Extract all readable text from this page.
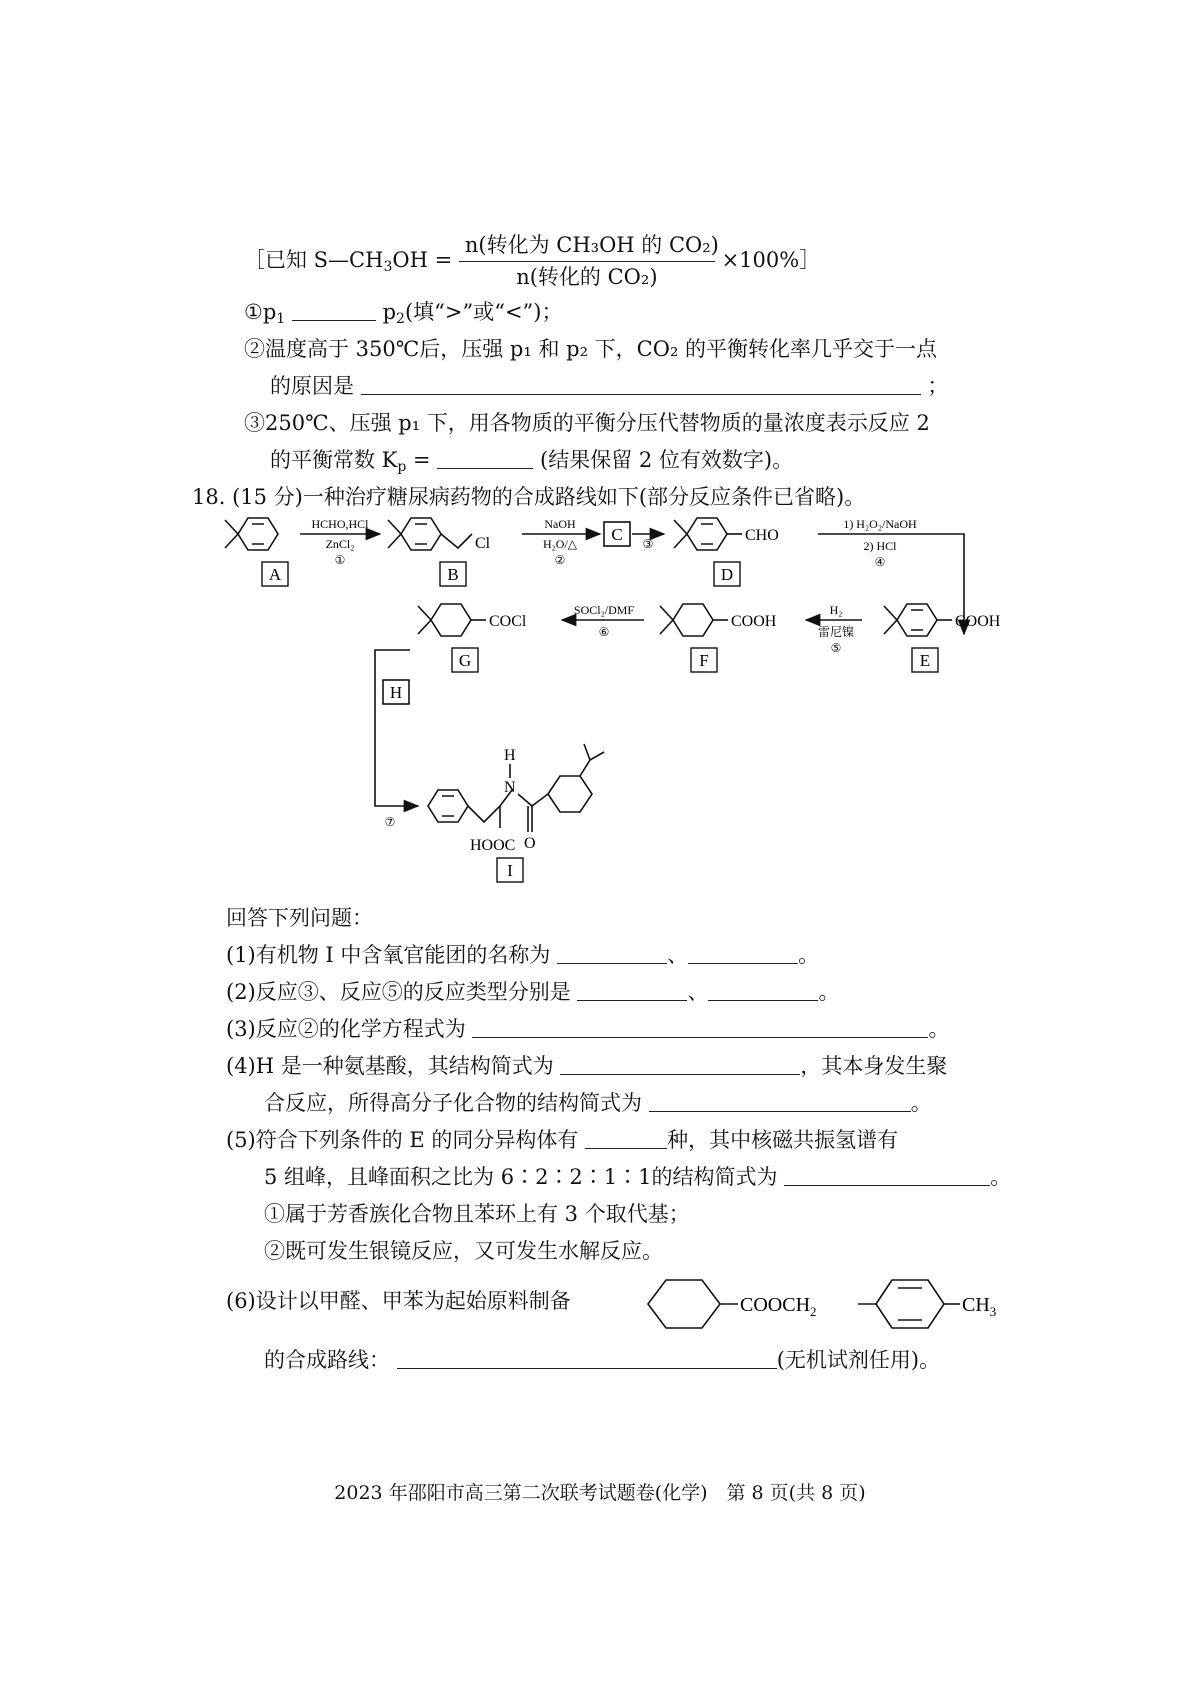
［已知 $S—CH_3OH = \frac{\text{n(转化为 CH₃OH 的 CO₂)}}{\text{n(转化的 CO₂)}}$ ×100%］
$①p_1$	$p_2$(填“>”或“<”)；
②温度高于 350℃后，压强 p₁ 和 p₂ 下，CO₂ 的平衡转化率几乎交于一点
的原因是	；
③250℃、压强 p₁ 下，用各物质的平衡分压代替物质的量浓度表示反应 2
的平衡常数 $K_p$ =	(结果保留 2 位有效数字)。
18. (15 分)一种治疗糖尿病药物的合成路线如下(部分反应条件已省略)。
Cl	CHO
COOH
COOH
COCl
HOOC
H
N
O
HCHO,HCl
ZnCl₂
①
NaOH
H₂O/△
②
C ③
1) H₂O₂/NaOH
2) HCl
④
H₂
雷尼镍
⑤
SOCl₂/DMF
⑥
⑦
A	B	D
E
F
G
H
I
回答下列问题：
(1)有机物 I 中含氧官能团的名称为	、	。
(2)反应③、反应⑤的反应类型分别是	、	。
(3)反应②的化学方程式为	。
(4)H 是一种氨基酸，其结构简式为	，其本身发生聚
合反应，所得高分子化合物的结构简式为	。
(5)符合下列条件的 E 的同分异构体有	种，其中核磁共振氢谱有
5 组峰，且峰面积之比为 6∶2∶2∶1∶1的结构简式为	。
①属于芳香族化合物且苯环上有 3 个取代基；
②既可发生银镜反应，又可发生水解反应。
(6)设计以甲醛、甲苯为起始原料制备	$COOCH_2$	$CH_3$
的合成路线：	(无机试剂任用)。
2023 年邵阳市高三第二次联考试题卷(化学)　第 8 页(共 8 页)
